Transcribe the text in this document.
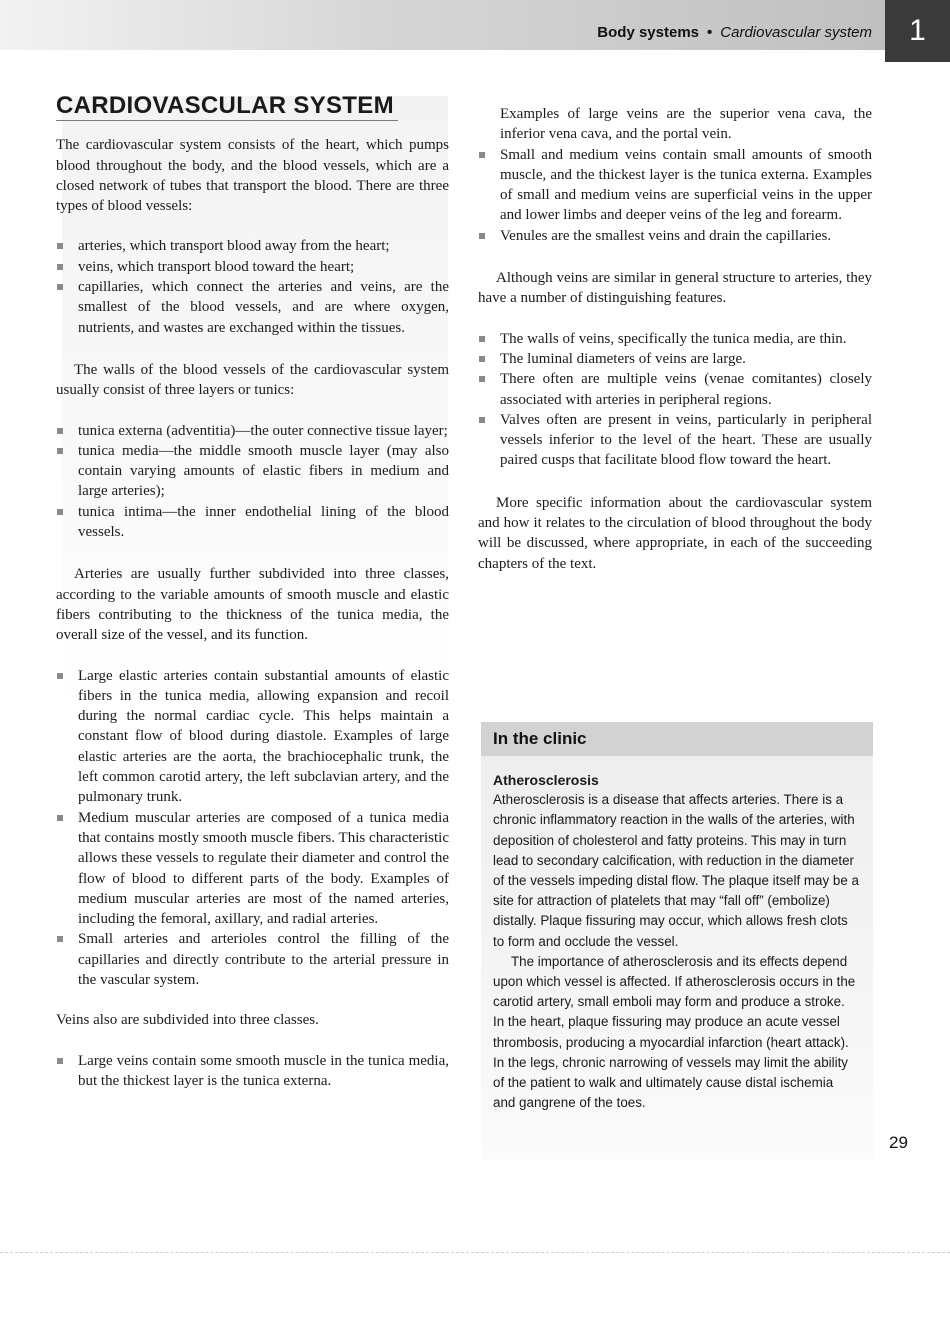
Body systems • Cardiovascular system	1
CARDIOVASCULAR SYSTEM

The cardiovascular system consists of the heart, which pumps blood throughout the body, and the blood vessels, which are a closed network of tubes that transport the blood. There are three types of blood vessels:

arteries, which transport blood away from the heart;
veins, which transport blood toward the heart;
capillaries, which connect the arteries and veins, are the smallest of the blood vessels, and are where oxygen, nutrients, and wastes are exchanged within the tissues.

The walls of the blood vessels of the cardiovascular system usually consist of three layers or tunics:

tunica externa (adventitia)—the outer connective tissue layer;
tunica media—the middle smooth muscle layer (may also contain varying amounts of elastic fibers in medium and large arteries);
tunica intima—the inner endothelial lining of the blood vessels.

Arteries are usually further subdivided into three classes, according to the variable amounts of smooth muscle and elastic fibers contributing to the thickness of the tunica media, the overall size of the vessel, and its function.

Large elastic arteries contain substantial amounts of elastic fibers in the tunica media, allowing expansion and recoil during the normal cardiac cycle. This helps maintain a constant flow of blood during diastole. Examples of large elastic arteries are the aorta, the brachiocephalic trunk, the left common carotid artery, the left subclavian artery, and the pulmonary trunk.
Medium muscular arteries are composed of a tunica media that contains mostly smooth muscle fibers. This characteristic allows these vessels to regulate their diameter and control the flow of blood to different parts of the body. Examples of medium muscular arteries are most of the named arteries, including the femoral, axillary, and radial arteries.
Small arteries and arterioles control the filling of the capillaries and directly contribute to the arterial pressure in the vascular system.

Veins also are subdivided into three classes.

Large veins contain some smooth muscle in the tunica media, but the thickest layer is the tunica externa.
Examples of large veins are the superior vena cava, the inferior vena cava, and the portal vein.
Small and medium veins contain small amounts of smooth muscle, and the thickest layer is the tunica externa. Examples of small and medium veins are superficial veins in the upper and lower limbs and deeper veins of the leg and forearm.
Venules are the smallest veins and drain the capillaries.

Although veins are similar in general structure to arteries, they have a number of distinguishing features.

The walls of veins, specifically the tunica media, are thin.
The luminal diameters of veins are large.
There often are multiple veins (venae comitantes) closely associated with arteries in peripheral regions.
Valves often are present in veins, particularly in peripheral vessels inferior to the level of the heart. These are usually paired cusps that facilitate blood flow toward the heart.

More specific information about the cardiovascular system and how it relates to the circulation of blood throughout the body will be discussed, where appropriate, in each of the succeeding chapters of the text.

In the clinic
Atherosclerosis

Atherosclerosis is a disease that affects arteries. There is a chronic inflammatory reaction in the walls of the arteries, with deposition of cholesterol and fatty proteins. This may in turn lead to secondary calcification, with reduction in the diameter of the vessels impeding distal flow. The plaque itself may be a site for attraction of platelets that may “fall off” (embolize) distally. Plaque fissuring may occur, which allows fresh clots to form and occlude the vessel.

The importance of atherosclerosis and its effects depend upon which vessel is affected. If atherosclerosis occurs in the carotid artery, small emboli may form and produce a stroke. In the heart, plaque fissuring may produce an acute vessel thrombosis, producing a myocardial infarction (heart attack). In the legs, chronic narrowing of vessels may limit the ability of the patient to walk and ultimately cause distal ischemia and gangrene of the toes.

29
